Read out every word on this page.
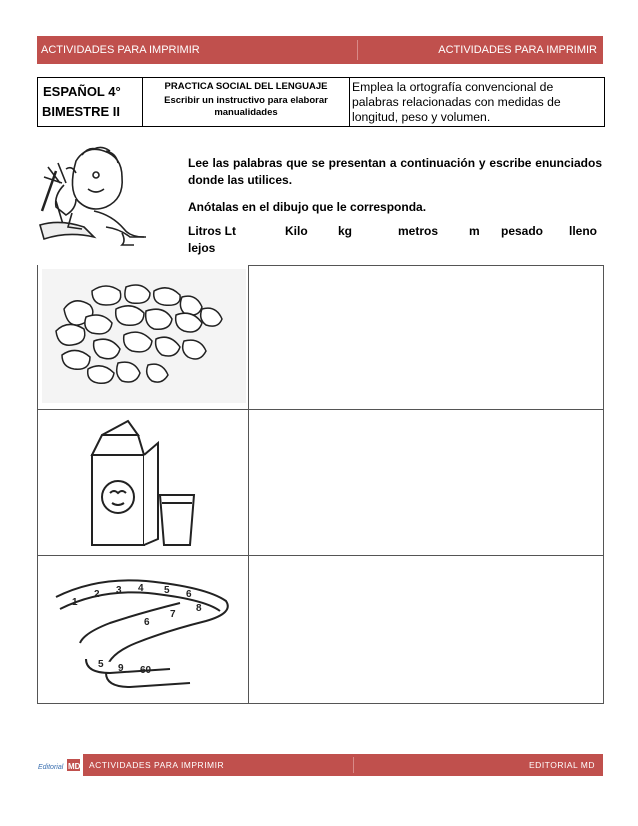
ACTIVIDADES PARA IMPRIMIR	ACTIVIDADES PARA IMPRIMIR
ESPAÑOL 4°
BIMESTRE II
PRACTICA SOCIAL DEL LENGUAJE
Escribir un instructivo para elaborar manualidades
Emplea la ortografía convencional de palabras relacionadas con medidas de longitud, peso y volumen.
Lee las palabras que se presentan a continuación y escribe enunciados donde las utilices.
Anótalas en el dibujo que le corresponda.
Litros Lt	Kilo	kg	metros	m pesado lleno
lejos
1
2 3 4 5 6
6
7
8
5 9 60
Editorial MD ACTIVIDADES PARA IMPRIMIR	EDITORIAL MD
